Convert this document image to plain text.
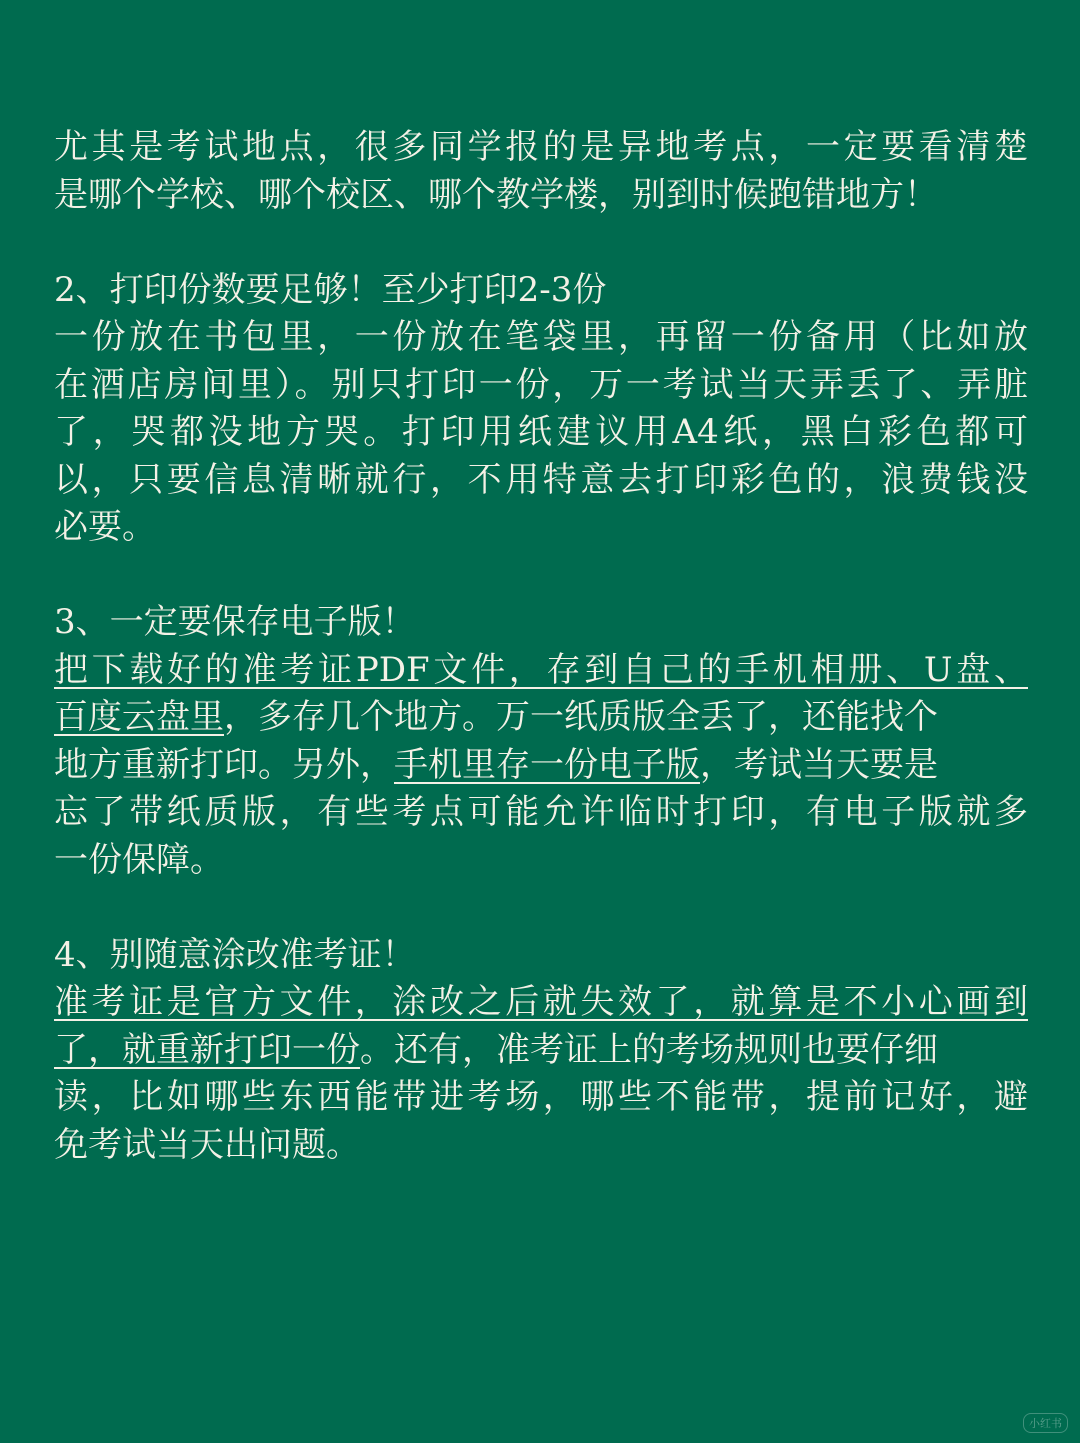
尤其是考试地点，很多同学报的是异地考点，一定要看清楚
是哪个学校、哪个校区、哪个教学楼，别到时候跑错地方！
2、打印份数要足够！至少打印2-3份
一份放在书包里，一份放在笔袋里，再留一份备用（比如放
在酒店房间里）。别只打印一份，万一考试当天弄丢了、弄脏
了，哭都没地方哭。打印用纸建议用A4纸，黑白彩色都可
以，只要信息清晰就行，不用特意去打印彩色的，浪费钱没
必要。
3、一定要保存电子版！
把下载好的准考证PDF文件，存到自己的手机相册、U盘、
百度云盘里，多存几个地方。万一纸质版全丢了，还能找个
地方重新打印。另外，手机里存一份电子版，考试当天要是
忘了带纸质版，有些考点可能允许临时打印，有电子版就多
一份保障。
4、别随意涂改准考证！
准考证是官方文件，涂改之后就失效了，就算是不小心画到
了，就重新打印一份。还有，准考证上的考场规则也要仔细
读，比如哪些东西能带进考场，哪些不能带，提前记好，避
免考试当天出问题。
小红书
